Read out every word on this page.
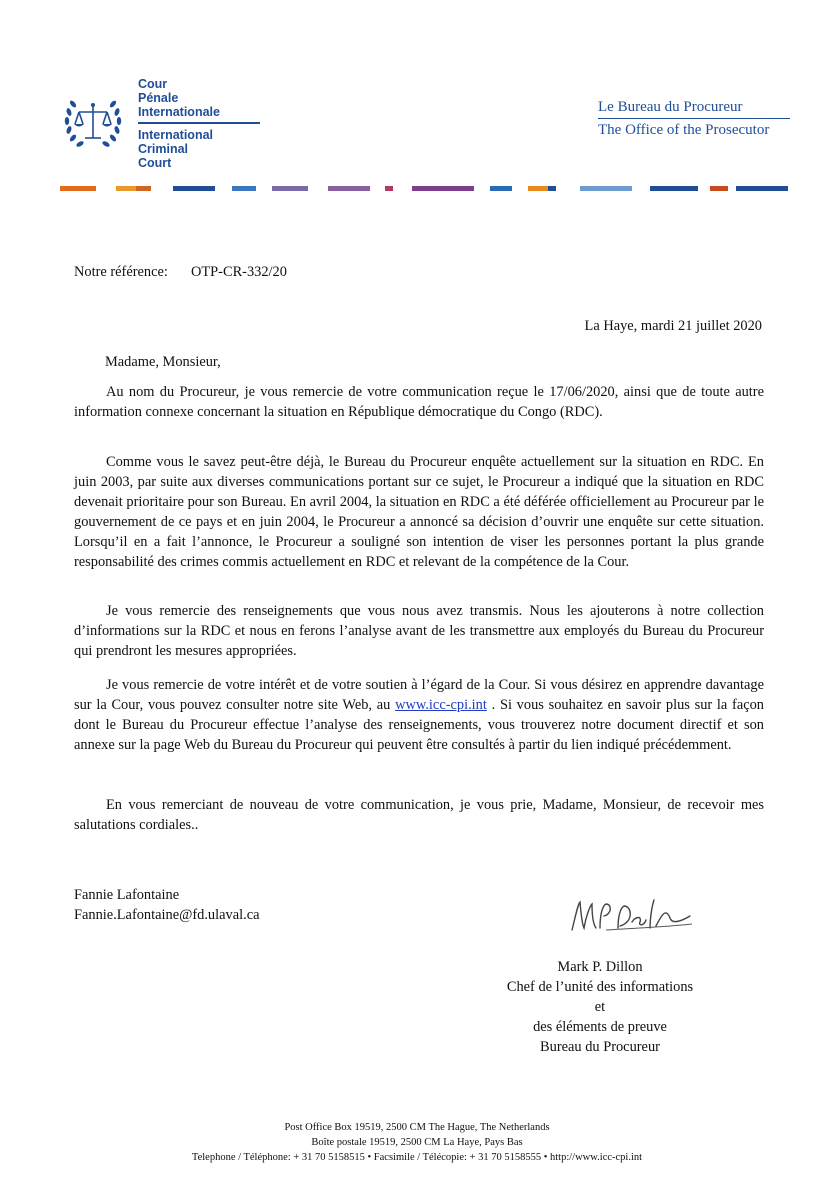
Cour
Pénale
Internationale
International
Criminal
Court
Le Bureau du Procureur
The Office of the Prosecutor
Notre référence: OTP-CR-332/20
La Haye, mardi 21 juillet 2020
Madame, Monsieur,

Au nom du Procureur, je vous remercie de votre communication reçue le 17/06/2020, ainsi que de toute autre information connexe concernant la situation en République démocratique du Congo (RDC).

Comme vous le savez peut-être déjà, le Bureau du Procureur enquête actuellement sur la situation en RDC. En juin 2003, par suite aux diverses communications portant sur ce sujet, le Procureur a indiqué que la situation en RDC devenait prioritaire pour son Bureau. En avril 2004, la situation en RDC a été déférée officiellement au Procureur par le gouvernement de ce pays et en juin 2004, le Procureur a annoncé sa décision d’ouvrir une enquête sur cette situation. Lorsqu’il en a fait l’annonce, le Procureur a souligné son intention de viser les personnes portant la plus grande responsabilité des crimes commis actuellement en RDC et relevant de la compétence de la Cour.

Je vous remercie des renseignements que vous nous avez transmis. Nous les ajouterons à notre collection d’informations sur la RDC et nous en ferons l’analyse avant de les transmettre aux employés du Bureau du Procureur qui prendront les mesures appropriées.

Je vous remercie de votre intérêt et de votre soutien à l’égard de la Cour. Si vous désirez en apprendre davantage sur la Cour, vous pouvez consulter notre site Web, au www.icc-cpi.int . Si vous souhaitez en savoir plus sur la façon dont le Bureau du Procureur effectue l’analyse des renseignements, vous trouverez notre document directif et son annexe sur la page Web du Bureau du Procureur qui peuvent être consultés à partir du lien indiqué précédemment.

En vous remerciant de nouveau de votre communication, je vous prie, Madame, Monsieur, de recevoir mes salutations cordiales..

Fannie Lafontaine
Fannie.Lafontaine@fd.ulaval.ca
Mark P. Dillon
Chef de l’unité des informations et
des éléments de preuve
Bureau du Procureur
Post Office Box 19519, 2500 CM The Hague, The Netherlands
Boîte postale 19519, 2500 CM La Haye, Pays Bas
Telephone / Téléphone: + 31 70 5158515 • Facsimile / Télécopie: + 31 70 5158555 • http://www.icc-cpi.int
